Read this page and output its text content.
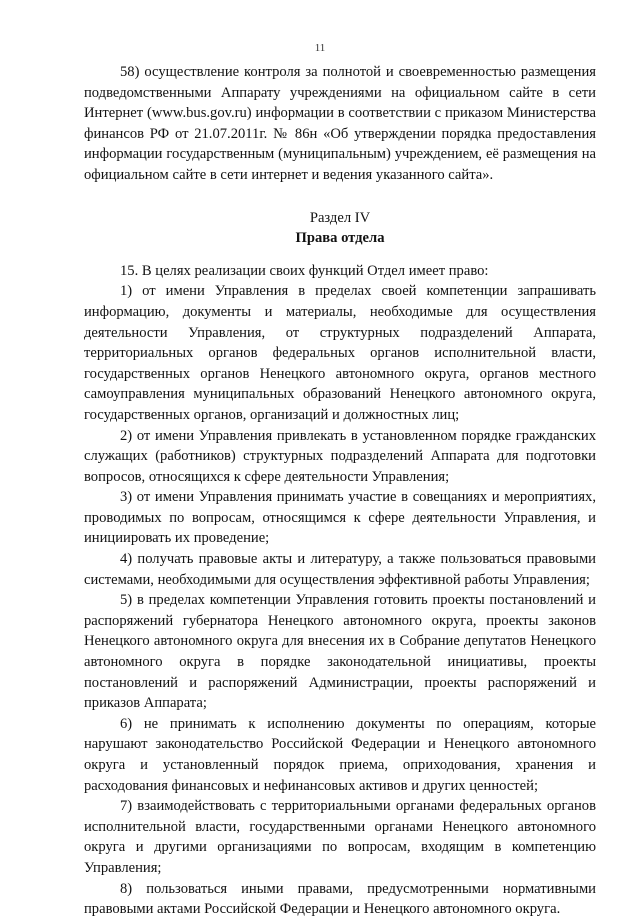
11

58) осуществление контроля за полнотой и своевременностью размещения подведомственными Аппарату учреждениями на официальном сайте в сети Интернет (www.bus.gov.ru) информации в соответствии с приказом Министерства финансов РФ от 21.07.2011г. № 86н «Об утверждении порядка предоставления информации государственным (муниципальным) учреждением, её размещения на официальном сайте в сети интернет и ведения указанного сайта».

Раздел IV
Права отдела

15. В целях реализации своих функций Отдел имеет право:

1) от имени Управления в пределах своей компетенции запрашивать информацию, документы и материалы, необходимые для осуществления деятельности Управления, от структурных подразделений Аппарата, территориальных органов федеральных органов исполнительной власти, государственных органов Ненецкого автономного округа, органов местного самоуправления муниципальных образований Ненецкого автономного округа, государственных органов, организаций и должностных лиц;

2) от имени Управления привлекать в установленном порядке гражданских служащих (работников) структурных подразделений Аппарата для подготовки вопросов, относящихся к сфере деятельности Управления;

3) от имени Управления принимать участие в совещаниях и мероприятиях, проводимых по вопросам, относящимся к сфере деятельности Управления, и инициировать их проведение;

4) получать правовые акты и литературу, а также пользоваться правовыми системами, необходимыми для осуществления эффективной работы Управления;

5) в пределах компетенции Управления готовить проекты постановлений и распоряжений губернатора Ненецкого автономного округа, проекты законов Ненецкого автономного округа для внесения их в Собрание депутатов Ненецкого автономного округа в порядке законодательной инициативы, проекты постановлений и распоряжений Администрации, проекты распоряжений и приказов Аппарата;

6) не принимать к исполнению документы по операциям, которые нарушают законодательство Российской Федерации и Ненецкого автономного округа и установленный порядок приема, оприходования, хранения и расходования финансовых и нефинансовых активов и других ценностей;

7) взаимодействовать с территориальными органами федеральных органов исполнительной власти, государственными органами Ненецкого автономного округа и другими организациями по вопросам, входящим в компетенцию Управления;

8) пользоваться иными правами, предусмотренными нормативными правовыми актами Российской Федерации и Ненецкого автономного округа.
